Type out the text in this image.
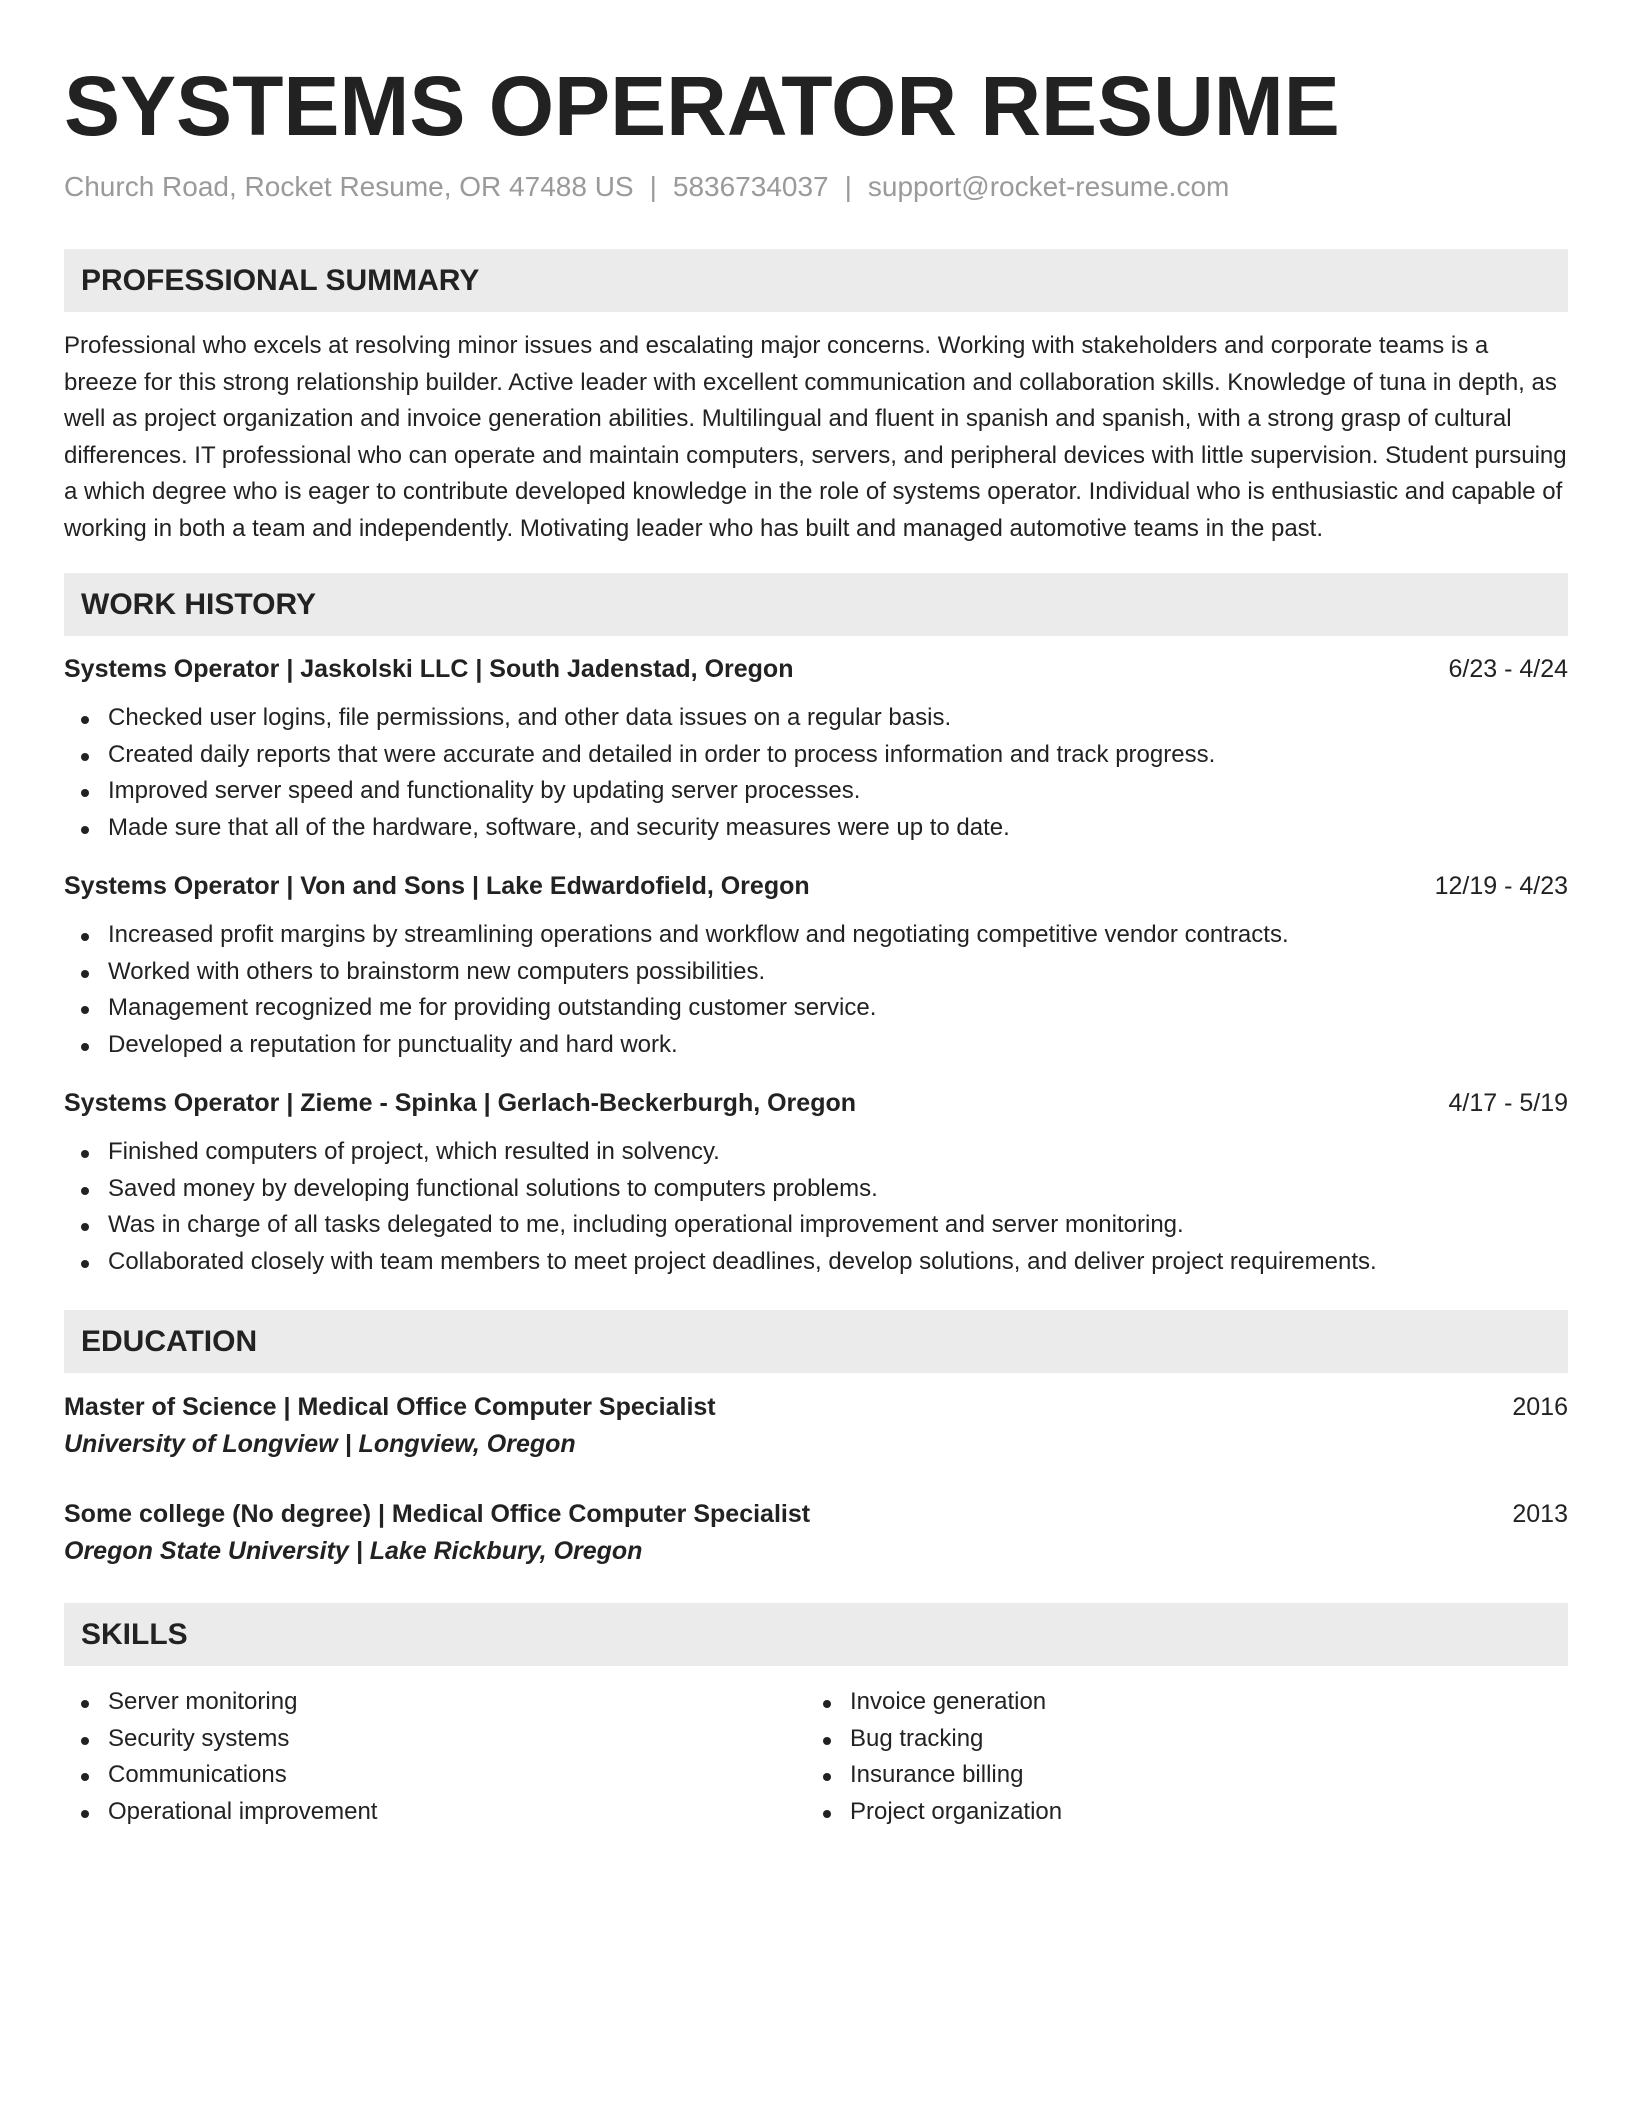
SYSTEMS OPERATOR RESUME
Church Road, Rocket Resume, OR 47488 US | 5836734037 | support@rocket-resume.com
PROFESSIONAL SUMMARY

Professional who excels at resolving minor issues and escalating major concerns. Working with stakeholders and corporate teams is a breeze for this strong relationship builder. Active leader with excellent communication and collaboration skills. Knowledge of tuna in depth, as well as project organization and invoice generation abilities. Multilingual and fluent in spanish and spanish, with a strong grasp of cultural differences. IT professional who can operate and maintain computers, servers, and peripheral devices with little supervision. Student pursuing a which degree who is eager to contribute developed knowledge in the role of systems operator. Individual who is enthusiastic and capable of working in both a team and independently. Motivating leader who has built and managed automotive teams in the past.

WORK HISTORY
Systems Operator | Jaskolski LLC | South Jadenstad, Oregon	6/23 - 4/24
Checked user logins, file permissions, and other data issues on a regular basis.
Created daily reports that were accurate and detailed in order to process information and track progress.
Improved server speed and functionality by updating server processes.
Made sure that all of the hardware, software, and security measures were up to date.
Systems Operator | Von and Sons | Lake Edwardofield, Oregon	12/19 - 4/23
Increased profit margins by streamlining operations and workflow and negotiating competitive vendor contracts.
Worked with others to brainstorm new computers possibilities.
Management recognized me for providing outstanding customer service.
Developed a reputation for punctuality and hard work.
Systems Operator | Zieme - Spinka | Gerlach-Beckerburgh, Oregon	4/17 - 5/19
Finished computers of project, which resulted in solvency.
Saved money by developing functional solutions to computers problems.
Was in charge of all tasks delegated to me, including operational improvement and server monitoring.
Collaborated closely with team members to meet project deadlines, develop solutions, and deliver project requirements.
EDUCATION
Master of Science | Medical Office Computer Specialist	2016
University of Longview | Longview, Oregon
Some college (No degree) | Medical Office Computer Specialist	2013
Oregon State University | Lake Rickbury, Oregon
SKILLS
Server monitoring
Security systems
Communications
Operational improvement
Invoice generation
Bug tracking
Insurance billing
Project organization
